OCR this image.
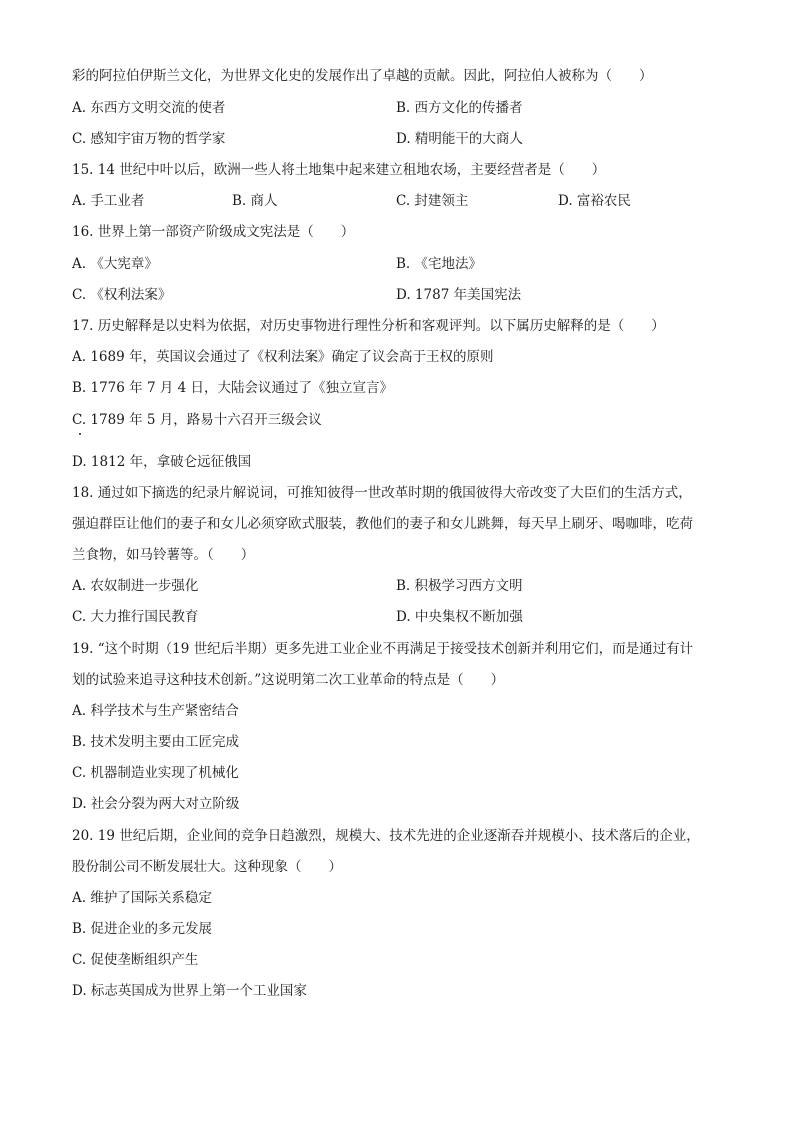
彩的阿拉伯伊斯兰文化，为世界文化史的发展作出了卓越的贡献。因此，阿拉伯人被称为（　　）
A. 东西方文明交流的使者	B. 西方文化的传播者
C. 感知宇宙万物的哲学家	D. 精明能干的大商人
15. 14 世纪中叶以后，欧洲一些人将土地集中起来建立租地农场，主要经营者是（　　）
A. 手工业者	B. 商人	C. 封建领主	D. 富裕农民
16. 世界上第一部资产阶级成文宪法是（　　）
A. 《大宪章》	B. 《宅地法》
C. 《权利法案》	D. 1787 年美国宪法
17. 历史解释是以史料为依据，对历史事物进行理性分析和客观评判。以下属历史解释的是（　　）
A. 1689 年，英国议会通过了《权利法案》确定了议会高于王权的原则
B. 1776 年 7 月 4 日，大陆会议通过了《独立宣言》
C. 1789 年 5 月，路易十六召开三级会议
D. 1812 年，拿破仑远征俄国
18. 通过如下摘选的纪录片解说词，可推知彼得一世改革时期的俄国彼得大帝改变了大臣们的生活方式，
强迫群臣让他们的妻子和女儿必须穿欧式服装，教他们的妻子和女儿跳舞，每天早上刷牙、喝咖啡，吃荷
兰食物，如马铃薯等。（　　）
A. 农奴制进一步强化	B. 积极学习西方文明
C. 大力推行国民教育	D. 中央集权不断加强
19. “这个时期（19 世纪后半期）更多先进工业企业不再满足于接受技术创新并利用它们，而是通过有计
划的试验来追寻这种技术创新。”这说明第二次工业革命的特点是（　　）
A. 科学技术与生产紧密结合
B. 技术发明主要由工匠完成
C. 机器制造业实现了机械化
D. 社会分裂为两大对立阶级
20. 19 世纪后期，企业间的竞争日趋激烈，规模大、技术先进的企业逐渐吞并规模小、技术落后的企业，
股份制公司不断发展壮大。这种现象（　　）
A. 维护了国际关系稳定
B. 促进企业的多元发展
C. 促使垄断组织产生
D. 标志英国成为世界上第一个工业国家
